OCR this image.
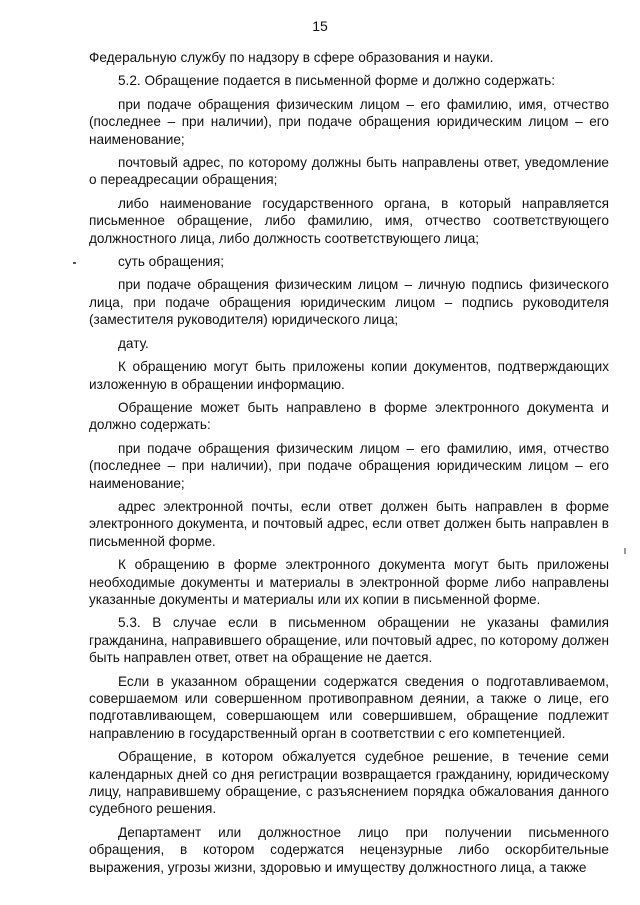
15

Федеральную службу по надзору в сфере образования и науки.

5.2. Обращение подается в письменной форме и должно содержать:

при подаче обращения физическим лицом – его фамилию, имя, отчество (последнее – при наличии), при подаче обращения юридическим лицом – его наименование;

почтовый адрес, по которому должны быть направлены ответ, уведомление о переадресации обращения;

либо наименование государственного органа, в который направляется письменное обращение, либо фамилию, имя, отчество соответствующего должностного лица, либо должность соответствующего лица;

суть обращения;

при подаче обращения физическим лицом – личную подпись физического лица, при подаче обращения юридическим лицом – подпись руководителя (заместителя руководителя) юридического лица;

дату.

К обращению могут быть приложены копии документов, подтверждающих изложенную в обращении информацию.

Обращение может быть направлено в форме электронного документа и должно содержать:

при подаче обращения физическим лицом – его фамилию, имя, отчество (последнее – при наличии), при подаче обращения юридическим лицом – его наименование;

адрес электронной почты, если ответ должен быть направлен в форме электронного документа, и почтовый адрес, если ответ должен быть направлен в письменной форме.

К обращению в форме электронного документа могут быть приложены необходимые документы и материалы в электронной форме либо направлены указанные документы и материалы или их копии в письменной форме.

5.3. В случае если в письменном обращении не указаны фамилия гражданина, направившего обращение, или почтовый адрес, по которому должен быть направлен ответ, ответ на обращение не дается.

Если в указанном обращении содержатся сведения о подготавливаемом, совершаемом или совершенном противоправном деянии, а также о лице, его подготавливающем, совершающем или совершившем, обращение подлежит направлению в государственный орган в соответствии с его компетенцией.

Обращение, в котором обжалуется судебное решение, в течение семи календарных дней со дня регистрации возвращается гражданину, юридическому лицу, направившему обращение, с разъяснением порядка обжалования данного судебного решения.

Департамент или должностное лицо при получении письменного обращения, в котором содержатся нецензурные либо оскорбительные выражения, угрозы жизни, здоровью и имуществу должностного лица, а также
